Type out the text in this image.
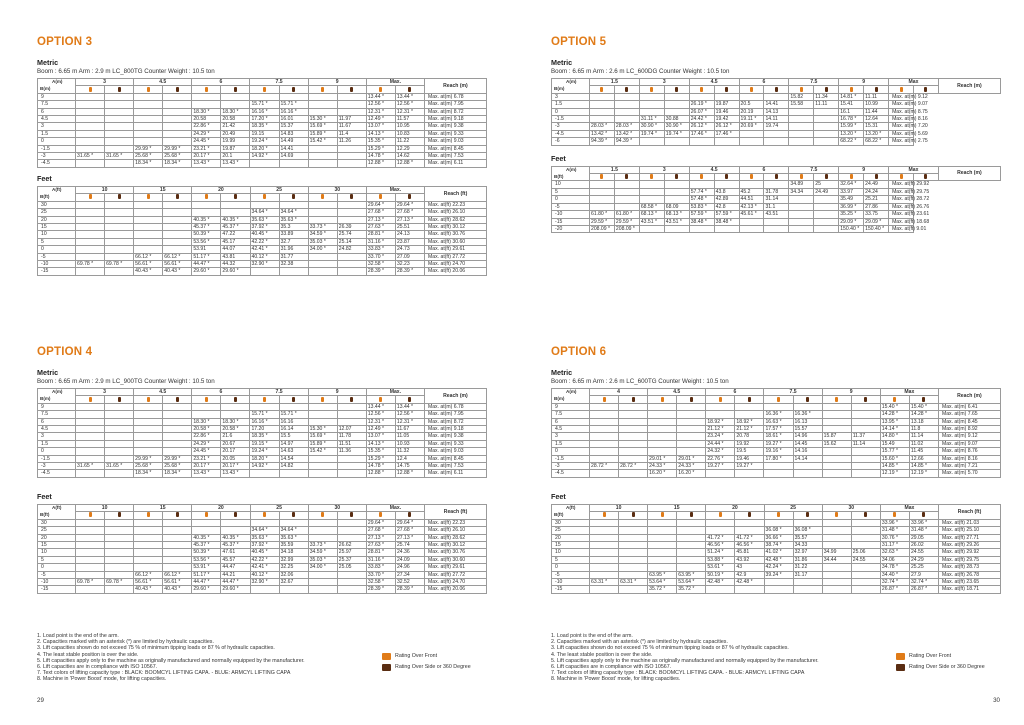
OPTION 3
Metric
Boom : 6.65 m Arm : 2.9 m LC_800TG Counter Weight : 10.5 ton
A(m)
B(m)	3		4.5		6		7.5		9		Max.		Reach (m)

9											13.44 *	13.44 *	Max. at(m) 6.78
7.5							15.71 *	15.71 *			12.56 *	12.56 *	Max. at(m) 7.95
6					18.30 *	18.30 *	16.16 *	16.16 *			12.31 *	12.31 *	Max. at(m) 8.72
4.5					20.58	20.58	17.20 *	16.01	15.30 *	11.97	12.49 *	11.57	Max. at(m) 9.18
3					22.86 *	21.42	18.35 *	15.37	15.69 *	11.67	13.07 *	10.95	Max. at(m) 9.38
1.5					24.29 *	20.49	19.15	14.83	15.89 *	11.4	14.13 *	10.83	Max. at(m) 9.33
0					24.45 *	19.99	19.24 *	14.49	15.42 *	11.26	15.35 *	11.22	Max. at(m) 9.03
-1.5			29.99 *	29.99 *	23.21 *	19.87	18.20 *	14.41			15.29 *	12.29	Max. at(m) 8.45
-3	31.65 *	31.65 *	25.68 *	25.68 *	20.17 *	20.1	14.92 *	14.69			14.78 *	14.62	Max. at(m) 7.53
-4.5			18.34 *	18.34 *	13.43 *	13.43 *					12.88 *	12.88 *	Max. at(m) 6.11
Feet
A(ft)
B(ft)	10		15		20		25		30		Max.		Reach (ft)

30											29.64 *	29.64 *	Max. at(ft) 22.23
25							34.64 *	34.64 *			27.68 *	27.68 *	Max. at(ft) 26.10
20					40.35 *	40.35 *	35.63 *	35.63 *			27.13 *	27.13 *	Max. at(ft) 28.62
15					45.37 *	45.37 *	37.92 *	35.3	33.73 *	26.39	27.63 *	25.51	Max. at(ft) 30.12
10					50.39 *	47.22	40.45 *	33.89	34.59 *	25.74	28.81 *	24.13	Max. at(ft) 30.76
5					53.56 *	45.17	42.22 *	32.7	35.03 *	25.14	31.16 *	23.87	Max. at(ft) 30.60
0					53.91	44.07	42.41 *	31.96	34.00 *	24.82	33.83 *	24.73	Max. at(ft) 29.61
-5			66.12 *	66.12 *	51.17 *	43.81	40.12 *	31.77			33.70 *	27.09	Max. at(ft) 27.72
-10	69.78 *	69.78 *	56.61 *	56.61 *	44.47 *	44.32	32.90 *	32.38			32.58 *	32.23	Max. at(ft) 24.70
-15			40.43 *	40.43 *	29.60 *	29.60 *					28.39 *	28.39 *	Max. at(ft) 20.06
OPTION 4
Metric
Boom : 6.65 m Arm : 2.9 m LC_900TG Counter Weight : 10.5 ton
A(m)
B(m)	3		4.5		6		7.5		9		Max.		Reach (m)

9											13.44 *	13.44 *	Max. at(m) 6.78
7.5							15.71 *	15.71 *			12.56 *	12.56 *	Max. at(m) 7.95
6					18.30 *	18.30 *	16.16 *	16.16			12.31 *	12.31 *	Max. at(m) 8.72
4.5					20.58 *	20.58 *	17.20	16.14	15.30 *	12.07	12.49 *	11.67	Max. at(m) 9.18
3					22.86 *	21.6	18.35 *	15.5	15.69 *	11.78	13.07 *	11.05	Max. at(m) 9.38
1.5					24.29 *	20.67	19.15 *	14.97	15.89 *	11.51	14.13 *	10.93	Max. at(m) 9.33
0					24.45 *	20.17	19.24 *	14.63	15.42 *	11.36	15.35 *	11.32	Max. at(m) 9.03
-1.5			29.99 *	29.99 *	23.21 *	20.05	18.20 *	14.54			15.29 *	12.4	Max. at(m) 8.45
-3	31.65 *	31.65 *	25.68 *	25.68 *	20.17 *	20.17 *	14.92 *	14.82			14.78 *	14.75	Max. at(m) 7.53
-4.5			18.34 *	18.34 *	13.43 *	13.43 *					12.88 *	12.88 *	Max. at(m) 6.11
Feet
A(ft)
B(ft)	10		15		20		25		30		Max.		Reach (ft)

30											29.64 *	29.64 *	Max. at(ft) 22.23
25							34.64 *	34.64 *			27.68 *	27.68 *	Max. at(ft) 26.10
20					40.35 *	40.35 *	35.63 *	35.63 *			27.13 *	27.13 *	Max. at(ft) 28.62
15					45.37 *	45.37 *	37.92 *	35.59	33.73 *	26.62	27.63 *	25.74	Max. at(ft) 30.12
10					50.39 *	47.61	40.45 *	34.18	34.59 *	25.97	28.81 *	24.36	Max. at(ft) 30.76
5					53.56 *	45.57	42.22 *	32.99	35.03 *	25.37	31.16 *	24.09	Max. at(ft) 30.60
0					53.91 *	44.47	42.41 *	32.25	34.00 *	25.05	33.83 *	24.96	Max. at(ft) 29.61
-5			66.12 *	66.12 *	51.17 *	44.21	40.12 *	32.06			33.70 *	27.34	Max. at(ft) 27.72
-10	69.78 *	69.78 *	56.61 *	56.61 *	44.47 *	44.47 *	32.90 *	32.67			32.58 *	32.52	Max. at(ft) 24.70
-15			40.43 *	40.43 *	29.60 *	29.60 *					28.39 *	28.39 *	Max. at(ft) 20.06
1. Load point is the end of the arm.
2. Capacities marked with an asterisk (*) are limited by hydraulic capacities.
3. Lift capacities shown do not exceed 75 % of minimum tipping loads or 87 % of hydraulic capacities.
4. The least stable position is over the side.
5. Lift capacities apply only to the machine as originally manufactured and normally equipped by the manufacturer.
6. Lift capacities are in compliance with ISO 10567.
7. Text colors of lifting capacity type : BLACK: BOOMCYL LIFTING CAPA. - BLUE: ARMCYL LIFTING CAPA
8. Machine in 'Power Boost' mode, for lifting capacities.
Rating Over Front
Rating Over Side or 360 Degree
29
OPTION 5
Metric
Boom : 6.65 m Arm : 2.6 m LC_600DG Counter Weight : 10.5 ton
A(m)
B(m)	1.5		3		4.5		6		7.5		9		Max		Reach (m)

3									15.82	11.34	14.81 *	11.11	Max. at(m) 9.12		
1.5					26.19 *	19.87	20.5	14.41	15.58	11.11	15.41	10.99	Max. at(m) 9.07		
0					26.07 *	19.46	20.19	14.13			16.1	11.44	Max. at(m) 8.75		
-1.5			31.11 *	30.88	24.42 *	19.42	19.11 *	14.11			16.78 *	12.64	Max. at(m) 8.16		
-3	28.03 *	28.03 *	30.90 *	30.90 *	26.12 *	26.12 *	20.69 *	19.74			15.99 *	15.31	Max. at(m) 7.20		
-4.5	13.42 *	13.42 *	19.74 *	19.74 *	17.46 *	17.46 *					13.20 *	13.20 *	Max. at(m) 5.69		
-6	94.39 *	94.39 *									68.22 *	68.22 *	Max. at(m) 2.75		
Feet
A(m)
B(ft)	1.5		3		4.5		6		7.5		9		Max		Reach (m)

10									34.89	25	32.64 *	24.49	Max. at(ft) 29.92		
5					57.74 *	43.8	45.2	31.78	34.34	24.49	33.97	24.24	Max. at(ft) 29.75		
0					57.48 *	42.89	44.51	31.14			35.49	25.21	Max. at(ft) 28.72		
-5			68.58 *	68.09	53.83 *	42.8	42.13 *	31.1			36.99 *	27.86	Max. at(ft) 26.76		
-10	61.80 *	61.80 *	68.13 *	68.13 *	57.59 *	57.59 *	45.61 *	43.51			35.25 *	33.75	Max. at(ft) 23.61		
-15	29.59 *	29.59 *	43.51 *	43.51 *	38.48 *	38.48 *					29.09 *	29.09 *	Max. at(ft) 18.68		
-20	208.09 *	208.09 *									150.40 *	150.40 *	Max. at(ft) 9.01		
OPTION 6
Metric
Boom : 6.65 m Arm : 2.6 m LC_600TG Counter Weight : 10.5 ton
A(m)
B(m)	4		4.5		6		7.5		9		Max		Reach (m)

9											15.40 *	15.40 *	Max. at(m) 6.41
7.5							16.36 *	16.36 *			14.28 *	14.28 *	Max. at(m) 7.65
6					18.92 *	18.92 *	16.63 *	16.13			13.95 *	13.18	Max. at(m) 8.45
4.5					21.12 *	21.12 *	17.57 *	15.57			14.14 *	11.8	Max. at(m) 8.92
3					23.24 *	20.78	18.61 *	14.96	15.87	11.37	14.80 *	11.14	Max. at(m) 9.12
1.5					24.44 *	19.92	19.27 *	14.45	15.62	11.14	15.49	11.02	Max. at(m) 9.07
0					24.32 *	19.5	19.16 *	14.16			15.77 *	11.45	Max. at(m) 8.76
-1.5			29.01 *	29.01 *	22.76 *	19.46	17.80 *	14.14			15.60 *	12.66	Max. at(m) 8.16
-3	28.72 *	28.72 *	24.33 *	24.33 *	19.27 *	19.27 *					14.85 *	14.85 *	Max. at(m) 7.21
-4.5			16.20 *	16.20 *							12.19 *	12.19 *	Max. at(m) 5.70
Feet
A(ft)
B(ft)	10		15		20		25		30		Max		Reach (ft)

30											33.96 *	33.96 *	Max. at(ft) 21.03
25							36.08 *	36.08 *			31.48 *	31.48 *	Max. at(ft) 25.10
20					41.72 *	41.72 *	36.66 *	35.57			30.76 *	29.05	Max. at(ft) 27.71
15					46.56 *	46.56 *	38.74 *	34.33			31.17 *	26.02	Max. at(ft) 29.26
10					51.24 *	45.81	41.02 *	32.97	34.99	25.06	32.63 *	24.55	Max. at(ft) 29.92
5					53.88 *	43.92	42.48 *	31.86	34.44	24.55	34.06	24.29	Max. at(ft) 29.75
0					53.61 *	43	42.24 *	31.22			34.78 *	25.25	Max. at(ft) 28.73
-5			63.95 *	63.95 *	50.19 *	42.9	39.24 *	31.17			34.40 *	27.9	Max. at(ft) 26.78
-10	63.31 *	63.31 *	53.64 *	53.64 *	42.48 *	42.48 *					32.74 *	32.74 *	Max. at(ft) 23.65
-15			35.72 *	35.72 *							26.87 *	26.87 *	Max. at(ft) 18.71
1. Load point is the end of the arm.
2. Capacities marked with an asterisk (*) are limited by hydraulic capacities.
3. Lift capacities shown do not exceed 75 % of minimum tipping loads or 87 % of hydraulic capacities.
4. The least stable position is over the side.
5. Lift capacities apply only to the machine as originally manufactured and normally equipped by the manufacturer.
6. Lift capacities are in compliance with ISO 10567.
7. Text colors of lifting capacity type : BLACK: BOOMCYL LIFTING CAPA. - BLUE: ARMCYL LIFTING CAPA
8. Machine in 'Power Boost' mode, for lifting capacities.
Rating Over Front
Rating Over Side or 360 Degree
30
